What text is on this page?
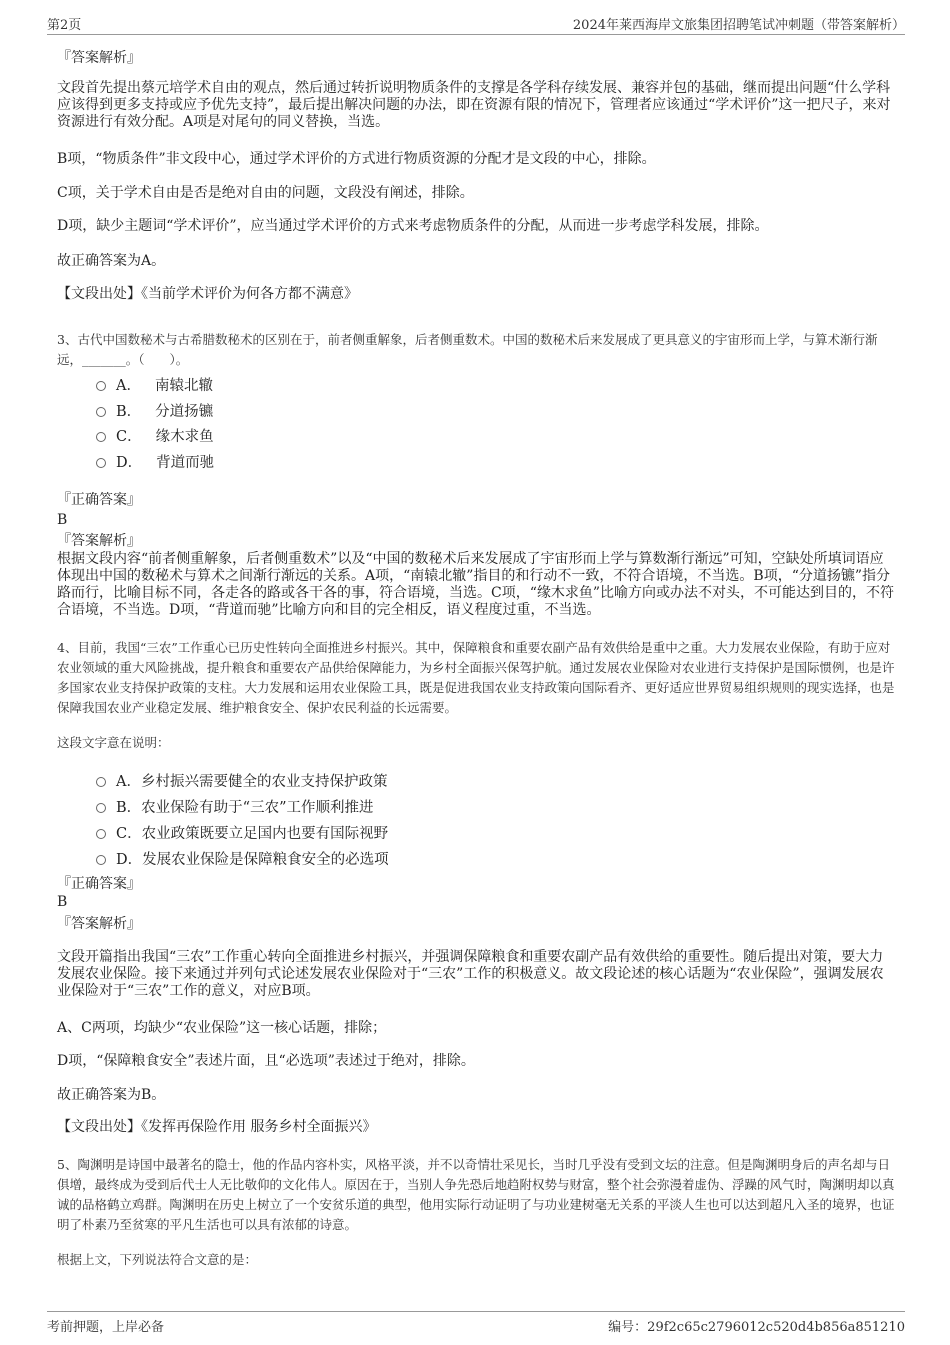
第2页	2024年莱西海岸文旅集团招聘笔试冲刺题（带答案解析）
『答案解析』
文段首先提出蔡元培学术自由的观点，然后通过转折说明物质条件的支撑是各学科存续发展、兼容并包的基础，继而提出问题“什么学科应该得到更多支持或应予优先支持”，最后提出解决问题的办法，即在资源有限的情况下，管理者应该通过“学术评价”这一把尺子，来对资源进行有效分配。A项是对尾句的同义替换，当选。
B项，“物质条件”非文段中心，通过学术评价的方式进行物质资源的分配才是文段的中心，排除。
C项，关于学术自由是否是绝对自由的问题，文段没有阐述，排除。
D项，缺少主题词“学术评价”，应当通过学术评价的方式来考虑物质条件的分配，从而进一步考虑学科发展，排除。
故正确答案为A。
【文段出处】《当前学术评价为何各方都不满意》
3、古代中国数秘术与古希腊数秘术的区别在于，前者侧重解象，后者侧重数术。中国的数秘术后来发展成了更具意义的宇宙形而上学，与算术渐行渐远，_______。（　　）。
A． 南辕北辙
B． 分道扬镳
C． 缘木求鱼
D． 背道而驰
『正确答案』
B
『答案解析』
根据文段内容“前者侧重解象，后者侧重数术”以及“中国的数秘术后来发展成了宇宙形而上学与算数渐行渐远”可知，空缺处所填词语应体现出中国的数秘术与算术之间渐行渐远的关系。A项，“南辕北辙”指目的和行动不一致，不符合语境，不当选。B项，“分道扬镳”指分路而行，比喻目标不同，各走各的路或各干各的事，符合语境，当选。C项，“缘木求鱼”比喻方向或办法不对头，不可能达到目的，不符合语境，不当选。D项，“背道而驰”比喻方向和目的完全相反，语义程度过重，不当选。
4、目前，我国“三农”工作重心已历史性转向全面推进乡村振兴。其中，保障粮食和重要农副产品有效供给是重中之重。大力发展农业保险，有助于应对农业领域的重大风险挑战，提升粮食和重要农产品供给保障能力，为乡村全面振兴保驾护航。通过发展农业保险对农业进行支持保护是国际惯例，也是许多国家农业支持保护政策的支柱。大力发展和运用农业保险工具，既是促进我国农业支持政策向国际看齐、更好适应世界贸易组织规则的现实选择，也是保障我国农业产业稳定发展、维护粮食安全、保护农民利益的长远需要。
这段文字意在说明：
A．乡村振兴需要健全的农业支持保护政策
B．农业保险有助于“三农”工作顺利推进
C．农业政策既要立足国内也要有国际视野
D．发展农业保险是保障粮食安全的必选项
『正确答案』
B
『答案解析』
文段开篇指出我国“三农”工作重心转向全面推进乡村振兴，并强调保障粮食和重要农副产品有效供给的重要性。随后提出对策，要大力发展农业保险。接下来通过并列句式论述发展农业保险对于“三农”工作的积极意义。故文段论述的核心话题为“农业保险”，强调发展农业保险对于“三农”工作的意义，对应B项。
A、C两项，均缺少“农业保险”这一核心话题，排除；
D项，“保障粮食安全”表述片面，且“必选项”表述过于绝对，排除。
故正确答案为B。
【文段出处】《发挥再保险作用 服务乡村全面振兴》
5、陶渊明是诗国中最著名的隐士，他的作品内容朴实，风格平淡，并不以奇情壮采见长，当时几乎没有受到文坛的注意。但是陶渊明身后的声名却与日俱增，最终成为受到后代士人无比敬仰的文化伟人。原因在于，当别人争先恐后地趋附权势与财富，整个社会弥漫着虚伪、浮躁的风气时，陶渊明却以真诚的品格鹤立鸡群。陶渊明在历史上树立了一个安贫乐道的典型，他用实际行动证明了与功业建树毫无关系的平淡人生也可以达到超凡入圣的境界，也证明了朴素乃至贫寒的平凡生活也可以具有浓郁的诗意。
根据上文，下列说法符合文意的是：
考前押题，上岸必备	编号：29f2c65c2796012c520d4b856a851210
